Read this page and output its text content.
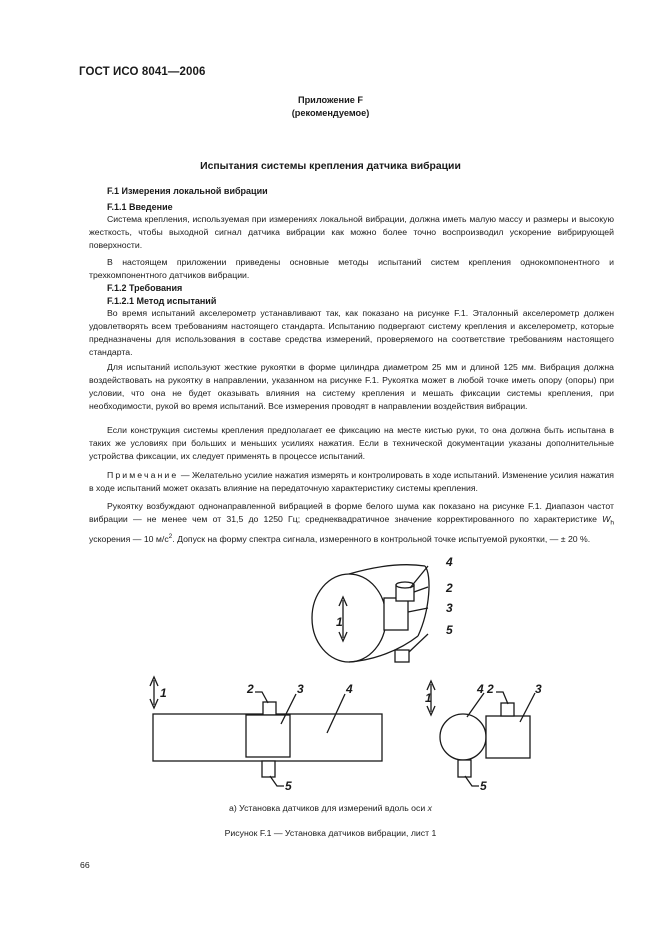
ГОСТ ИСО 8041—2006
Приложение F
(рекомендуемое)
Испытания системы крепления датчика вибрации
F.1 Измерения локальной вибрации
F.1.1 Введение

Система крепления, используемая при измерениях локальной вибрации, должна иметь малую массу и размеры и высокую жесткость, чтобы выходной сигнал датчика вибрации как можно более точно воспроизводил ускорение вибрирующей поверхности.

В настоящем приложении приведены основные методы испытаний систем крепления однокомпонентного и трехкомпонентного датчиков вибрации.

F.1.2 Требования
F.1.2.1 Метод испытаний

Во время испытаний акселерометр устанавливают так, как показано на рисунке F.1. Эталонный акселерометр должен удовлетворять всем требованиям настоящего стандарта. Испытанию подвергают систему крепления и акселерометр, которые предназначены для использования в составе средства измерений, проверяемого на соответствие требованиям настоящего стандарта.

Для испытаний используют жесткие рукоятки в форме цилиндра диаметром 25 мм и длиной 125 мм. Вибрация должна воздействовать на рукоятку в направлении, указанном на рисунке F.1. Рукоятка может в любой точке иметь опору (опоры) при условии, что она не будет оказывать влияния на систему крепления и мешать фиксации системы крепления, при необходимости, рукой во время испытаний. Все измерения проводят в направлении воздействия вибрации.

Если конструкция системы крепления предполагает ее фиксацию на месте кистью руки, то она должна быть испытана в таких же условиях при больших и меньших усилиях нажатия. Если в технической документации указаны дополнительные устройства фиксации, их следует применять в процессе испытаний.

Примечание — Желательно усилие нажатия измерять и контролировать в ходе испытаний. Изменение усилия нажатия в ходе испытаний может оказать влияние на передаточную характеристику системы крепления.

Рукоятку возбуждают однонаправленной вибрацией в форме белого шума как показано на рисунке F.1. Диапазон частот вибрации — не менее чем от 31,5 до 1250 Гц; среднеквадратичное значение корректированного по характеристике $W_h$ ускорения — 10 $м/с^2$. Допуск на форму спектра сигнала, измеренного в контрольной точке испытуемой рукоятки, — ± 20 %.

1
4
2
3
5
1	2	3	4
5
1
4 2	3
5
а) Установка датчиков для измерений вдоль оси x
Рисунок F.1 — Установка датчиков вибрации, лист 1
66
